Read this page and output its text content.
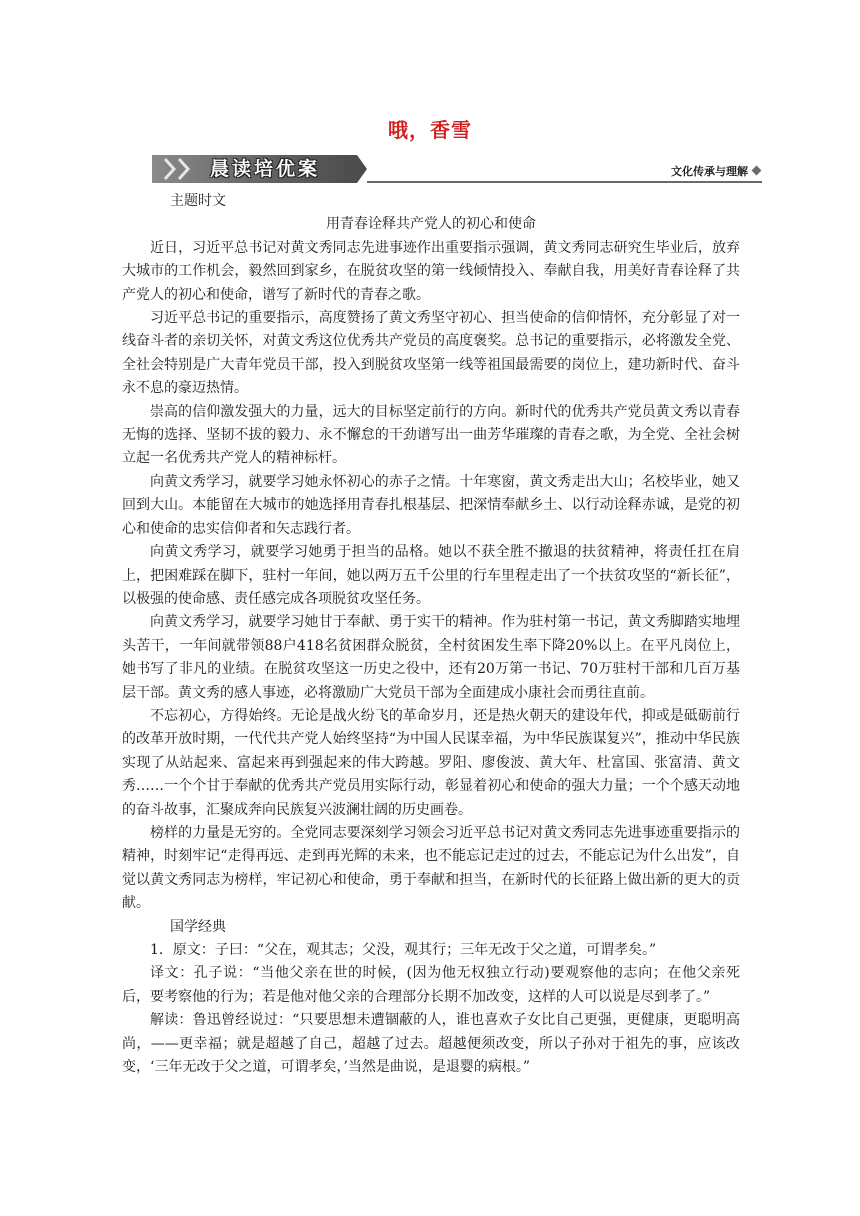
哦，香雪
晨读培优案	文化传承与理解

主题时文

用青春诠释共产党人的初心和使命

近日，习近平总书记对黄文秀同志先进事迹作出重要指示强调，黄文秀同志研究生毕业后，放弃大城市的工作机会，毅然回到家乡，在脱贫攻坚的第一线倾情投入、奉献自我，用美好青春诠释了共产党人的初心和使命，谱写了新时代的青春之歌。

习近平总书记的重要指示，高度赞扬了黄文秀坚守初心、担当使命的信仰情怀，充分彰显了对一线奋斗者的亲切关怀，对黄文秀这位优秀共产党员的高度褒奖。总书记的重要指示，必将激发全党、全社会特别是广大青年党员干部，投入到脱贫攻坚第一线等祖国最需要的岗位上，建功新时代、奋斗永不息的豪迈热情。

崇高的信仰激发强大的力量，远大的目标坚定前行的方向。新时代的优秀共产党员黄文秀以青春无悔的选择、坚韧不拔的毅力、永不懈怠的干劲谱写出一曲芳华璀璨的青春之歌，为全党、全社会树立起一名优秀共产党人的精神标杆。

向黄文秀学习，就要学习她永怀初心的赤子之情。十年寒窗，黄文秀走出大山；名校毕业，她又回到大山。本能留在大城市的她选择用青春扎根基层、把深情奉献乡土、以行动诠释赤诚，是党的初心和使命的忠实信仰者和矢志践行者。

向黄文秀学习，就要学习她勇于担当的品格。她以不获全胜不撤退的扶贫精神，将责任扛在肩上，把困难踩在脚下，驻村一年间，她以两万五千公里的行车里程走出了一个扶贫攻坚的“新长征”，以极强的使命感、责任感完成各项脱贫攻坚任务。

向黄文秀学习，就要学习她甘于奉献、勇于实干的精神。作为驻村第一书记，黄文秀脚踏实地埋头苦干，一年间就带领88户418名贫困群众脱贫，全村贫困发生率下降20%以上。在平凡岗位上，她书写了非凡的业绩。在脱贫攻坚这一历史之役中，还有20万第一书记、70万驻村干部和几百万基层干部。黄文秀的感人事迹，必将激励广大党员干部为全面建成小康社会而勇往直前。

不忘初心，方得始终。无论是战火纷飞的革命岁月，还是热火朝天的建设年代，抑或是砥砺前行的改革开放时期，一代代共产党人始终坚持“为中国人民谋幸福，为中华民族谋复兴”，推动中华民族实现了从站起来、富起来再到强起来的伟大跨越。罗阳、廖俊波、黄大年、杜富国、张富清、黄文秀……一个个甘于奉献的优秀共产党员用实际行动，彰显着初心和使命的强大力量；一个个感天动地的奋斗故事，汇聚成奔向民族复兴波澜壮阔的历史画卷。

榜样的力量是无穷的。全党同志要深刻学习领会习近平总书记对黄文秀同志先进事迹重要指示的精神，时刻牢记“走得再远、走到再光辉的未来，也不能忘记走过的过去，不能忘记为什么出发”，自觉以黄文秀同志为榜样，牢记初心和使命，勇于奉献和担当，在新时代的长征路上做出新的更大的贡献。

国学经典

1．原文：子曰：“父在，观其志；父没，观其行；三年无改于父之道，可谓孝矣。”

译文：孔子说：“当他父亲在世的时候，(因为他无权独立行动)要观察他的志向；在他父亲死后，要考察他的行为；若是他对他父亲的合理部分长期不加改变，这样的人可以说是尽到孝了。”

解读：鲁迅曾经说过：“只要思想未遭锢蔽的人，谁也喜欢子女比自己更强，更健康，更聪明高尚，——更幸福；就是超越了自己，超越了过去。超越便须改变，所以子孙对于祖先的事，应该改变，‘三年无改于父之道，可谓孝矣，’当然是曲说，是退婴的病根。”
